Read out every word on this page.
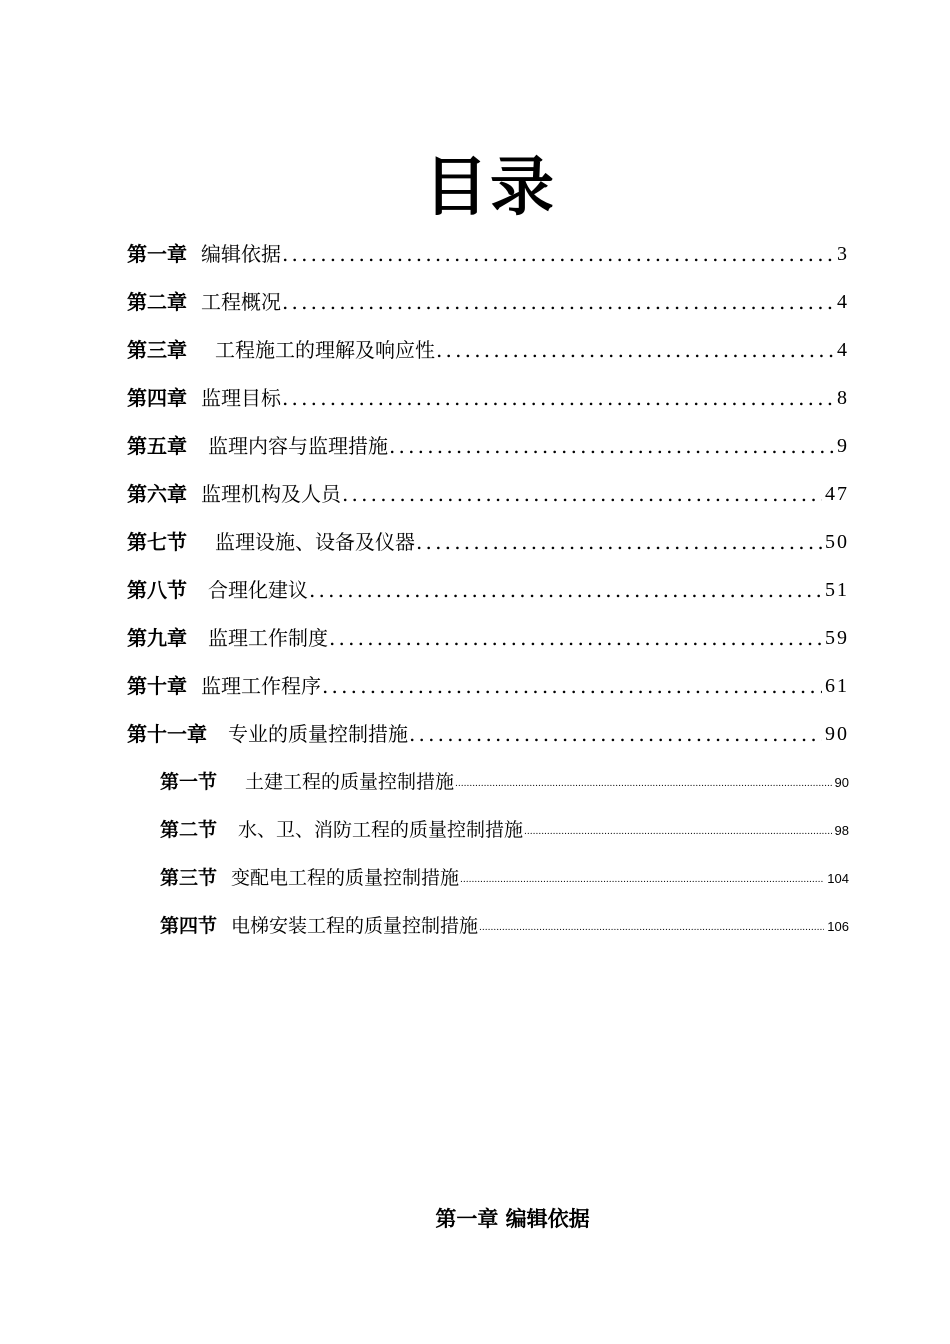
目录
第一章 编辑依据 .....	3
第二章 工程概况 .....	4
第三章 工程施工的理解及响应性 .....	4
第四章 监理目标 .....	8
第五章 监理内容与监理措施 .....	9
第六章 监理机构及人员 .....	47
第七节 监理设施、设备及仪器 .....	50
第八节 合理化建议 .....	51
第九章 监理工作制度 .....	59
第十章 监理工作程序 .....	61
第十一章 专业的质量控制措施 .....	90
第一节 土建工程的质量控制措施 .....	90
第二节 水、卫、消防工程的质量控制措施 .....	98
第三节 变配电工程的质量控制措施 .....	104
第四节 电梯安装工程的质量控制措施 .....	106
第一章 编辑依据
